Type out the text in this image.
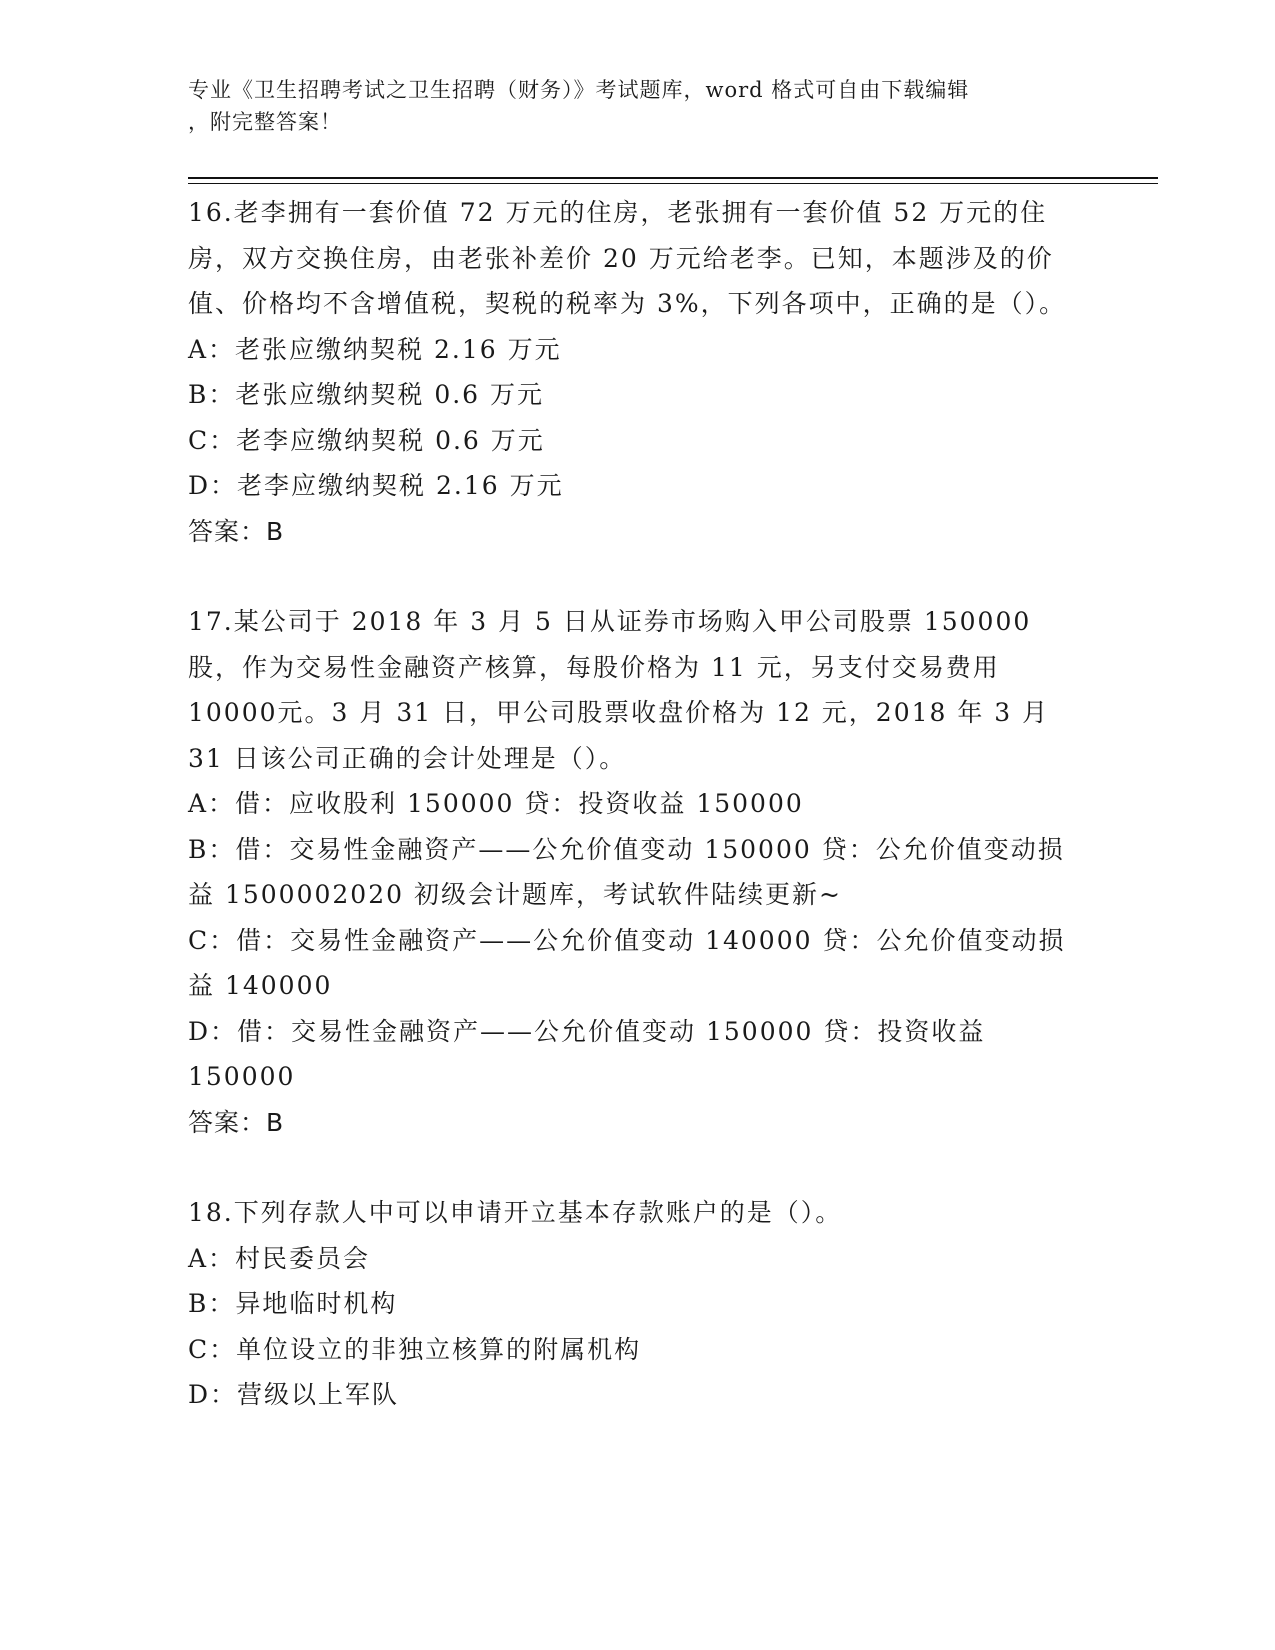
专业《卫生招聘考试之卫生招聘（财务）》考试题库，word 格式可自由下载编辑
，附完整答案！
16.老李拥有一套价值 72 万元的住房，老张拥有一套价值 52 万元的住房，双方交换住房，由老张补差价 20 万元给老李。已知，本题涉及的价值、价格均不含增值税，契税的税率为 3%，下列各项中，正确的是（）。
A：老张应缴纳契税 2.16 万元
B：老张应缴纳契税 0.6 万元
C：老李应缴纳契税 0.6 万元
D：老李应缴纳契税 2.16 万元
答案：B
17.某公司于 2018 年 3 月 5 日从证券市场购入甲公司股票 150000 股，作为交易性金融资产核算，每股价格为 11 元，另支付交易费用 10000元。3 月 31 日，甲公司股票收盘价格为 12 元，2018 年 3 月 31 日该公司正确的会计处理是（）。
A：借：应收股利 150000 贷：投资收益 150000
B：借：交易性金融资产——公允价值变动 150000 贷：公允价值变动损益 1500002020 初级会计题库，考试软件陆续更新~
C：借：交易性金融资产——公允价值变动 140000 贷：公允价值变动损益 140000
D：借：交易性金融资产——公允价值变动 150000 贷：投资收益150000
答案：B
18.下列存款人中可以申请开立基本存款账户的是（）。
A：村民委员会
B：异地临时机构
C：单位设立的非独立核算的附属机构
D：营级以上军队
